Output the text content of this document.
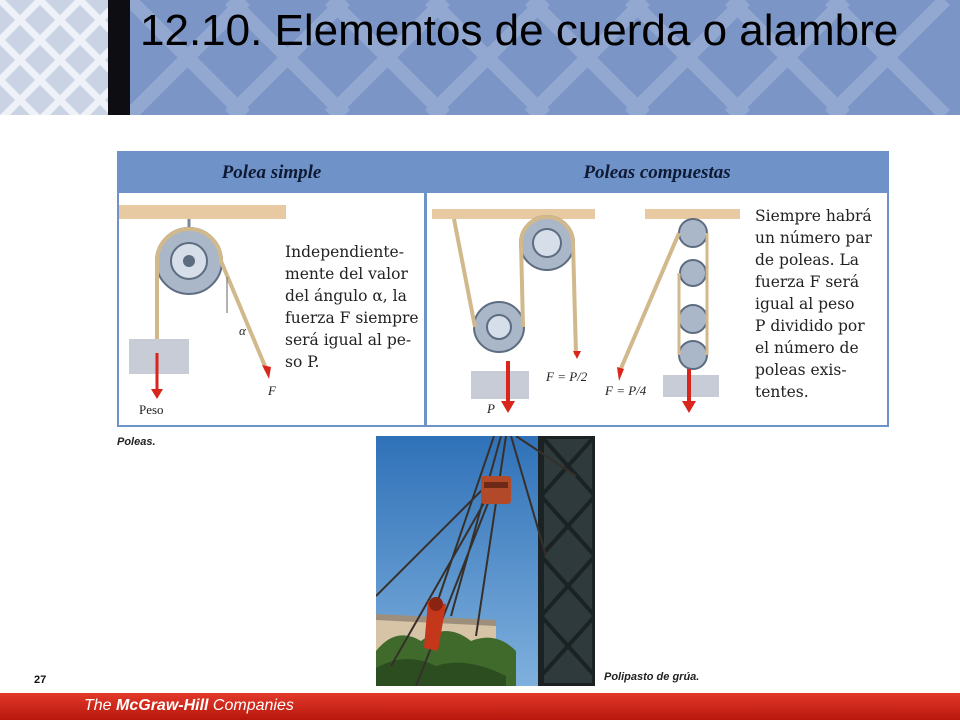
12.10. Elementos de cuerda o alambre
Polea simple	Poleas compuestas

Independiente-
mente del valor
del ángulo α, la
fuerza F siempre
será igual al pe-
so P.

Siempre habrá
un número par
de poleas. La
fuerza F será
igual al peso
P dividido por
el número de
poleas exis-
tentes.

Peso
F
α
P
F = P/2
F = P/4
Poleas.
Polipasto de grúa.
27
The McGraw-Hill Companies
